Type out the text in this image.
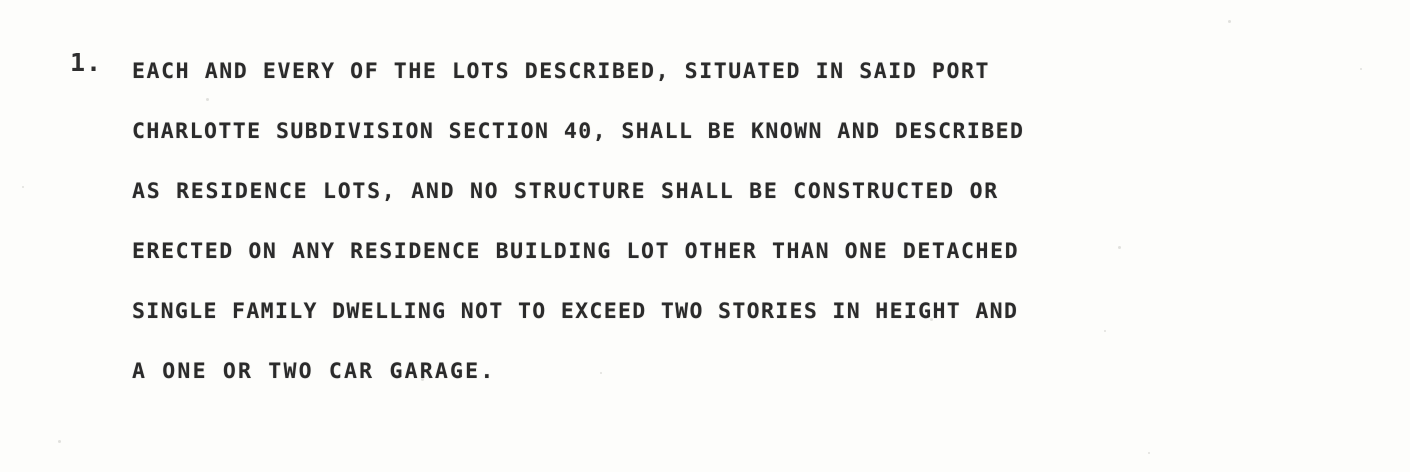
1.	EACH AND EVERY OF THE LOTS DESCRIBED, SITUATED IN SAID PORT
CHARLOTTE SUBDIVISION SECTION 40, SHALL BE KNOWN AND DESCRIBED
AS RESIDENCE LOTS, AND NO STRUCTURE SHALL BE CONSTRUCTED OR
ERECTED ON ANY RESIDENCE BUILDING LOT OTHER THAN ONE DETACHED
SINGLE FAMILY DWELLING NOT TO EXCEED TWO STORIES IN HEIGHT AND
A ONE OR TWO CAR GARAGE.
